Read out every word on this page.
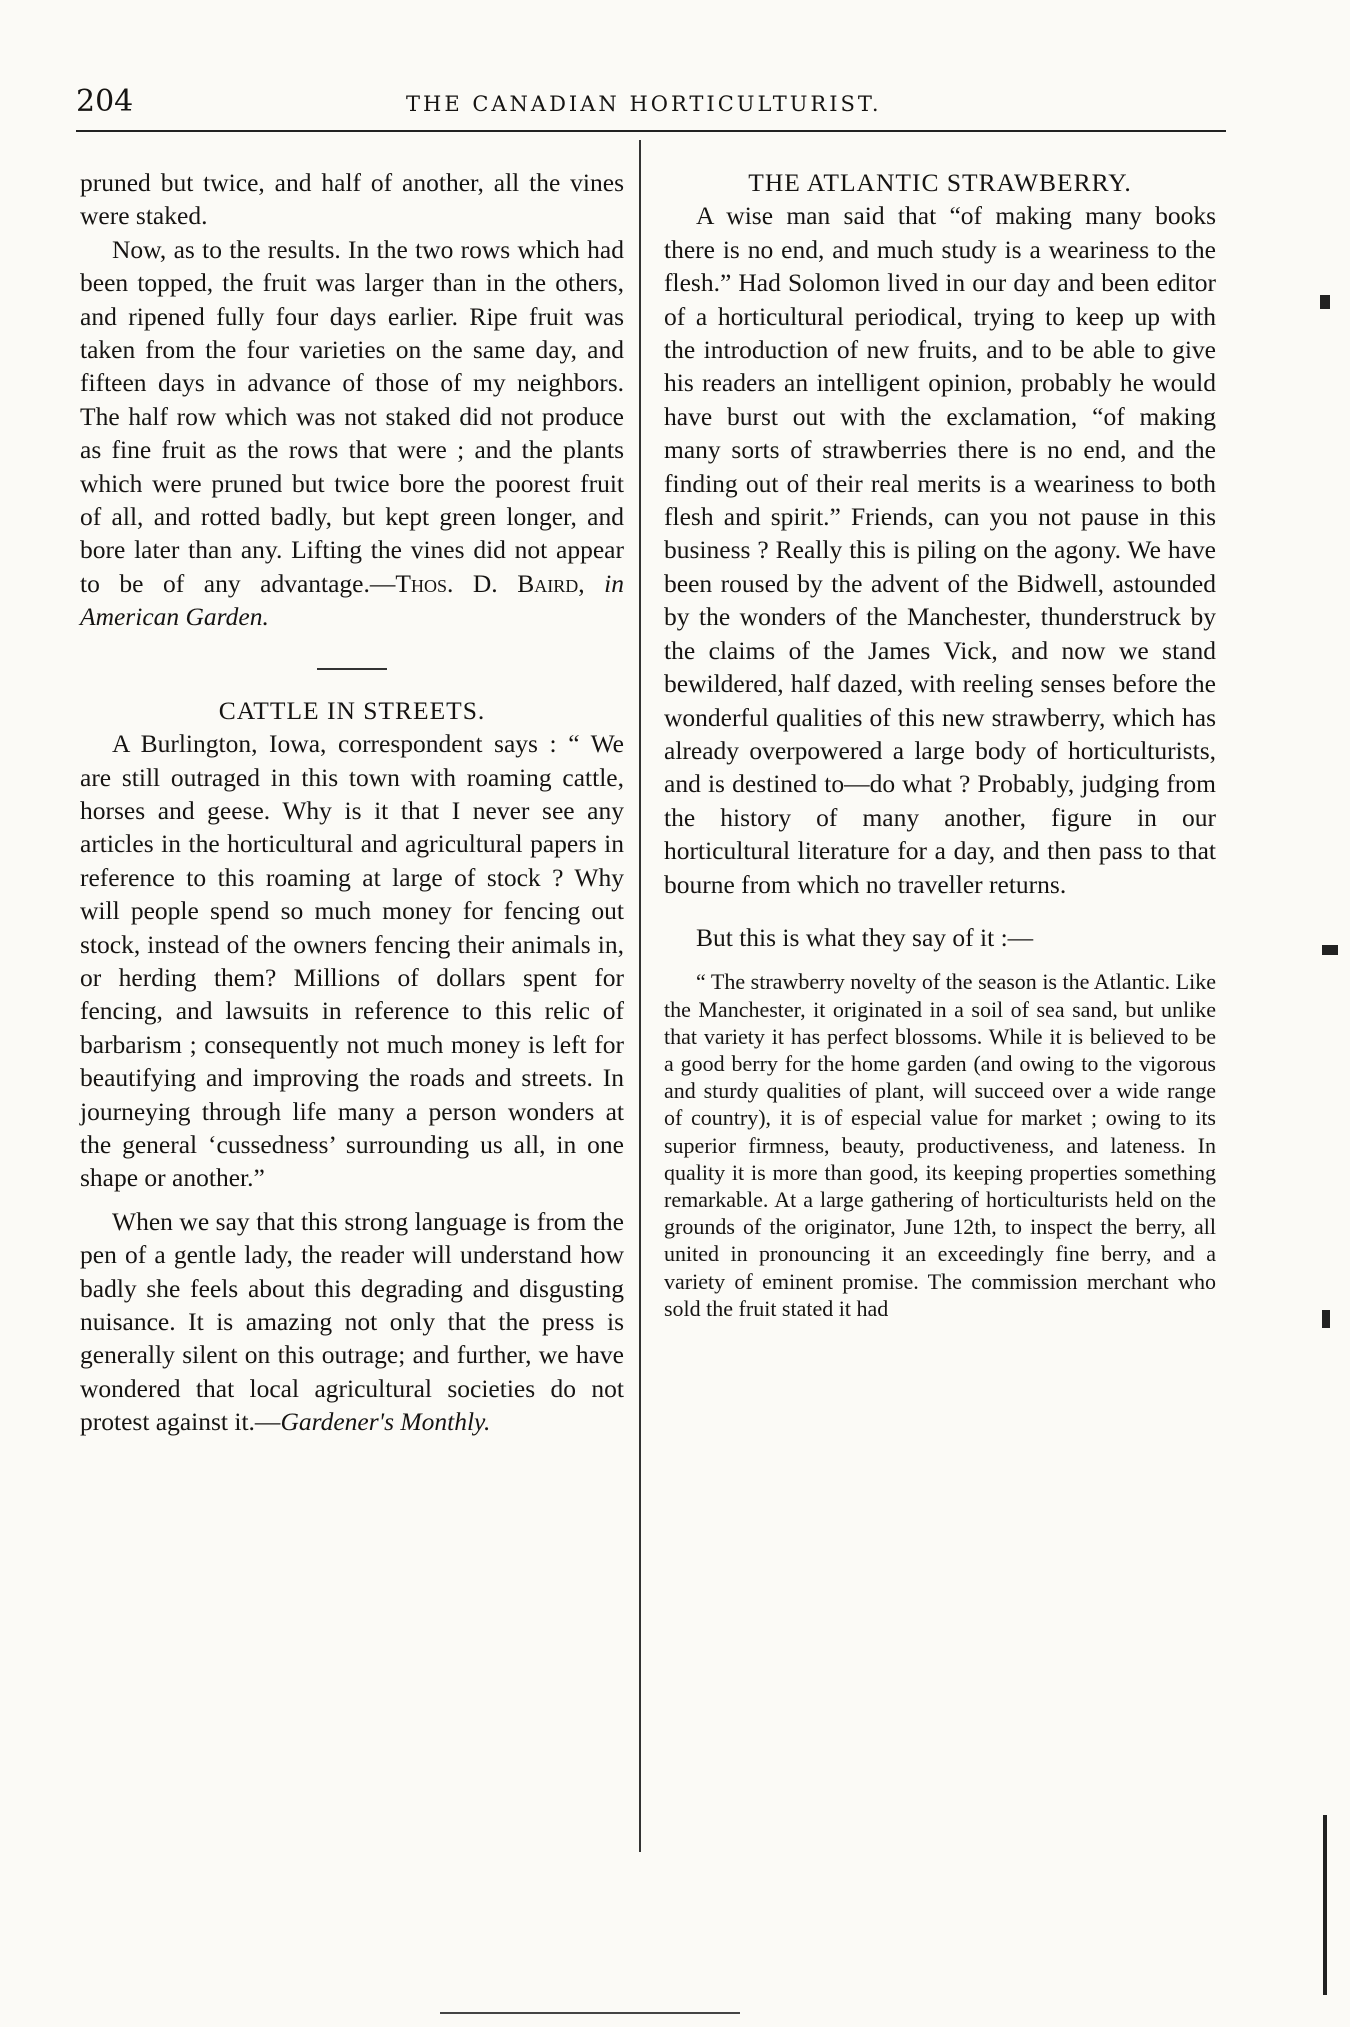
204	THE CANADIAN HORTICULTURIST.

pruned but twice, and half of another, all the vines were staked.

Now, as to the results. In the two rows which had been topped, the fruit was larger than in the others, and ripened fully four days earlier. Ripe fruit was taken from the four varieties on the same day, and fifteen days in advance of those of my neighbors. The half row which was not staked did not produce as fine fruit as the rows that were ; and the plants which were pruned but twice bore the poorest fruit of all, and rotted badly, but kept green longer, and bore later than any. Lifting the vines did not appear to be of any advantage.—Thos. D. Baird, in American Garden.

CATTLE IN STREETS.

A Burlington, Iowa, correspondent says : “ We are still outraged in this town with roaming cattle, horses and geese. Why is it that I never see any articles in the horticultural and agricultural papers in reference to this roaming at large of stock ? Why will people spend so much money for fencing out stock, instead of the owners fencing their animals in, or herding them? Millions of dollars spent for fencing, and lawsuits in reference to this relic of barbarism ; consequently not much money is left for beautifying and improving the roads and streets. In journeying through life many a person wonders at the general ‘cussedness’ surrounding us all, in one shape or another.”

When we say that this strong language is from the pen of a gentle lady, the reader will understand how badly she feels about this degrading and disgusting nuisance. It is amazing not only that the press is generally silent on this outrage; and further, we have wondered that local agricultural societies do not protest against it.—Gardener's Monthly.

THE ATLANTIC STRAWBERRY.

A wise man said that “of making many books there is no end, and much study is a weariness to the flesh.” Had Solomon lived in our day and been editor of a horticultural periodical, trying to keep up with the introduction of new fruits, and to be able to give his readers an intelligent opinion, probably he would have burst out with the exclamation, “of making many sorts of strawberries there is no end, and the finding out of their real merits is a weariness to both flesh and spirit.” Friends, can you not pause in this business ? Really this is piling on the agony. We have been roused by the advent of the Bidwell, astounded by the wonders of the Manchester, thunderstruck by the claims of the James Vick, and now we stand bewildered, half dazed, with reeling senses before the wonderful qualities of this new strawberry, which has already overpowered a large body of horticulturists, and is destined to—do what ? Probably, judging from the history of many another, figure in our horticultural literature for a day, and then pass to that bourne from which no traveller returns.

But this is what they say of it :—

“ The strawberry novelty of the season is the Atlantic. Like the Manchester, it originated in a soil of sea sand, but unlike that variety it has perfect blossoms. While it is believed to be a good berry for the home garden (and owing to the vigorous and sturdy qualities of plant, will succeed over a wide range of country), it is of especial value for market ; owing to its superior firmness, beauty, productiveness, and lateness. In quality it is more than good, its keeping properties something remarkable. At a large gathering of horticulturists held on the grounds of the originator, June 12th, to inspect the berry, all united in pronouncing it an exceedingly fine berry, and a variety of eminent promise. The commission merchant who sold the fruit stated it had
